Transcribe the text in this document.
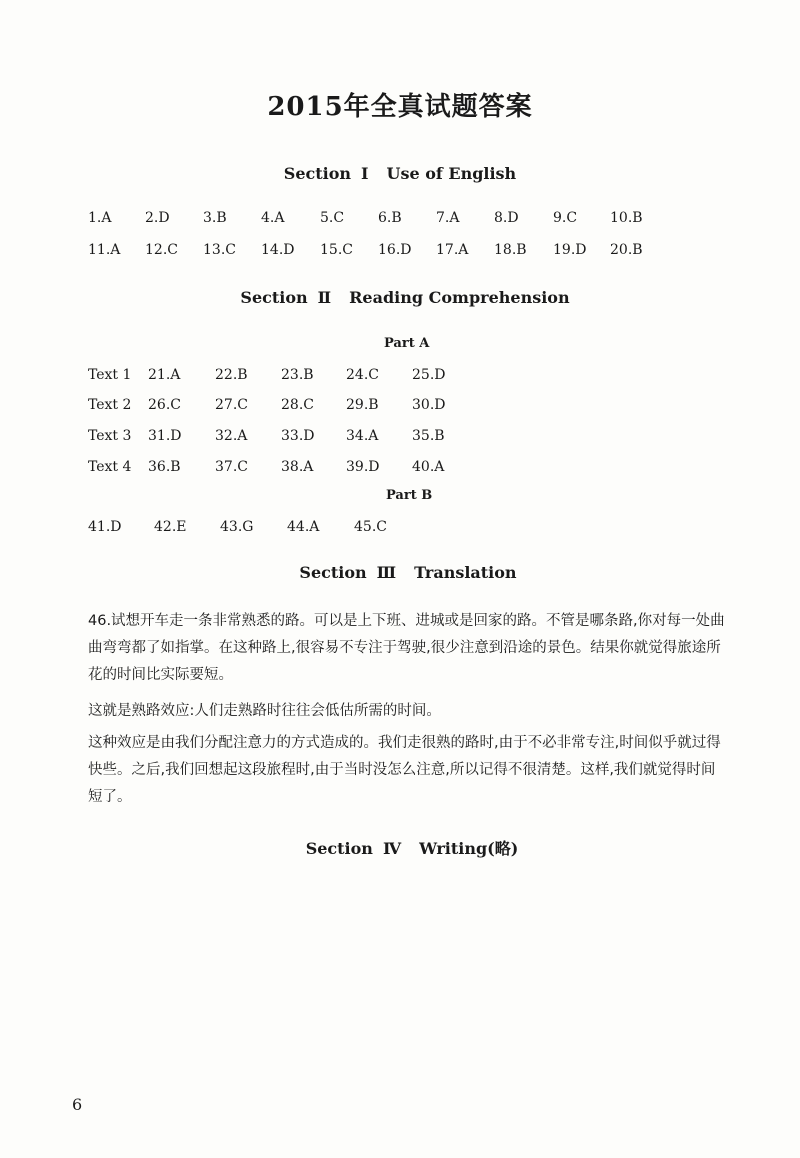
2015年全真试题答案
Section Ⅰ Use of English
1.A 2.D 3.B 4.A	5.C 6.B 7.A 8.D 9.C 10.B
11.A 12.C 13.C 14.D 15.C 16.D 17.A 18.B 19.D 20.B
Section Ⅱ Reading Comprehension
Part A
Text 1 21.A 22.B 23.B 24.C 25.D
Text 2 26.C 27.C 28.C 29.B 30.D
Text 3 31.D 32.A 33.D 34.A 35.B
Text 4 36.B 37.C 38.A 39.D 40.A
Part B
41.D 42.E 43.G 44.A 45.C
Section Ⅲ Translation
46.试想开车走一条非常熟悉的路。可以是上下班、进城或是回家的路。不管是哪条路,你对每一处曲曲弯弯都了如指掌。在这种路上,很容易不专注于驾驶,很少注意到沿途的景色。结果你就觉得旅途所花的时间比实际要短。
这就是熟路效应:人们走熟路时往往会低估所需的时间。
这种效应是由我们分配注意力的方式造成的。我们走很熟的路时,由于不必非常专注,时间似乎就过得快些。之后,我们回想起这段旅程时,由于当时没怎么注意,所以记得不很清楚。这样,我们就觉得时间短了。
Section Ⅳ Writing(略)
6
